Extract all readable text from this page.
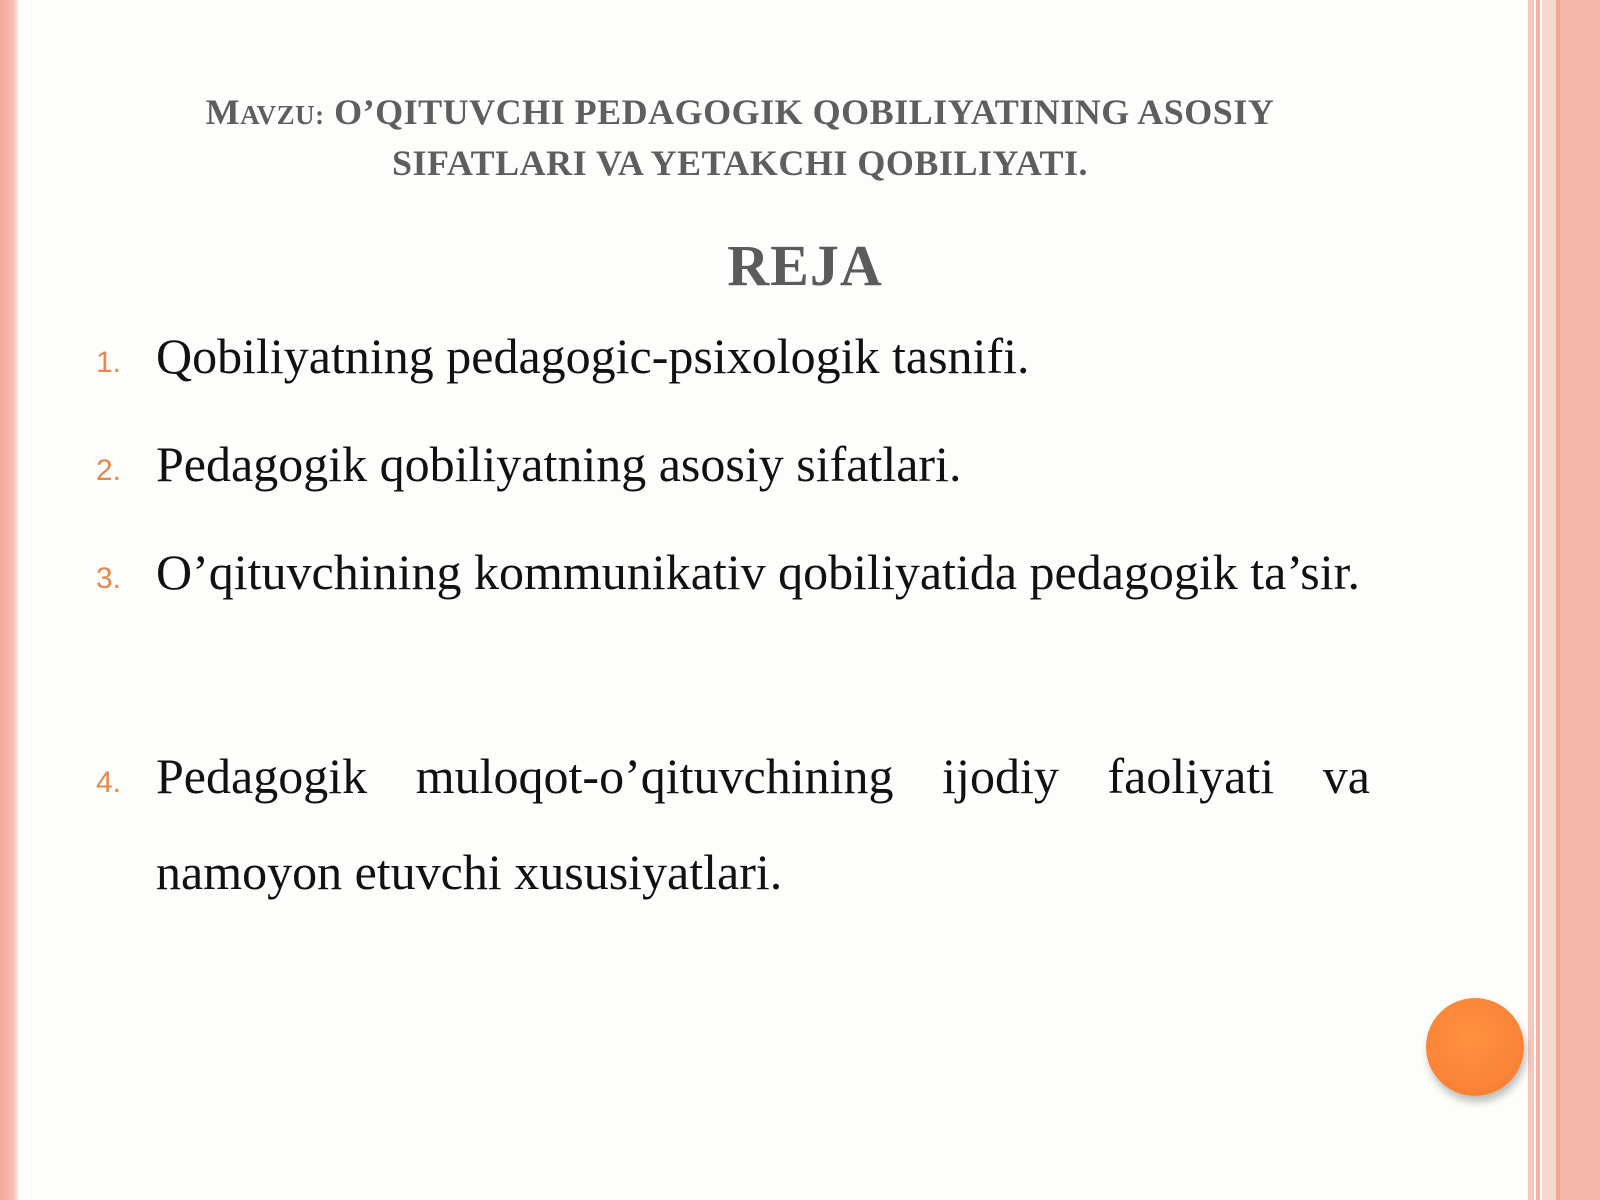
MAVZU: O’QITUVCHI PEDAGOGIK QOBILIYATINING ASOSIY
SIFATLARI VA YETAKCHI QOBILIYATI.
REJA
1. Qobiliyatning pedagogic-psixologik tasnifi.
2. Pedagogik qobiliyatning asosiy sifatlari.
3. O’qituvchining kommunikativ qobiliyatida pedagogik ta’sir.
4. Pedagogik muloqot-o’qituvchining ijodiy faoliyati va namoyon etuvchi xususiyatlari.
